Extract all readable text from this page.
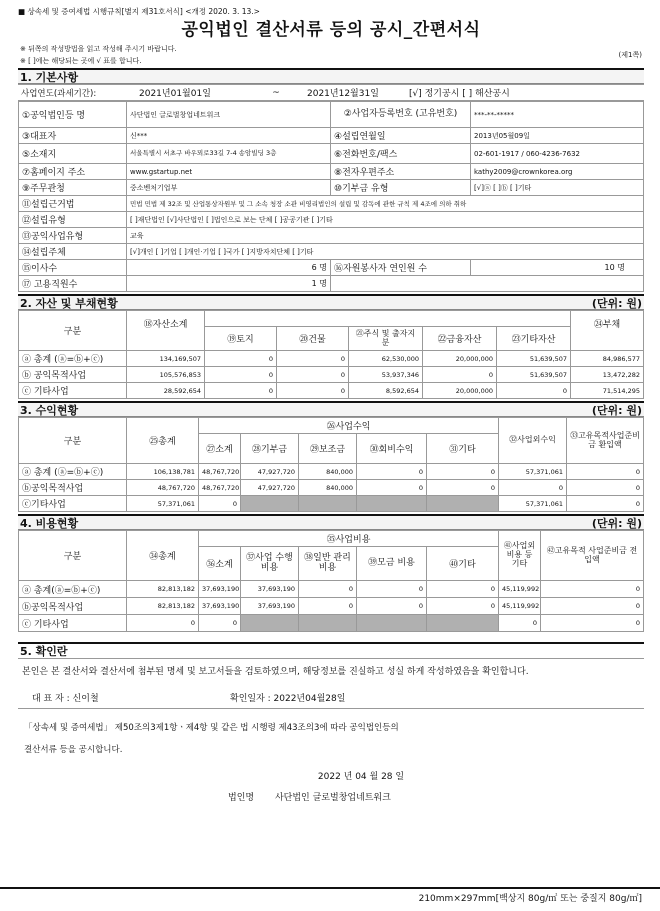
■ 상속세 및 증여세법 시행규칙[별지 제31호서식] <개정 2020. 3. 13.>
공익법인 결산서류 등의 공시_간편서식
※ 뒤쪽의 작성방법을 읽고 작성해 주시기 바랍니다.
※ [ ]에는 해당되는 곳에 √ 표를 합니다.
(제1쪽)
1. 기본사항
사업연도(과세기간):	2021년01월01일	~	2021년12월31일	[√] 정기공시 [ ] 해산공시
①공익법인등 명	사단법인 글로벌창업네트워크	②사업자등록번호 (고유번호)	***-**-*****
③대표자	신***	④설립연월일	2013년05월09일
⑤소재지	서울특별시 서초구 바우뫼로33길 7-4 송암빌딩 3층	⑥전화번호/팩스	02-601-1917 / 060-4236-7632
⑦홈페이지 주소	www.gstartup.net	⑧전자우편주소	kathy2009@crownkorea.org
⑨주무관청	중소벤처기업부	⑩기부금 유형	[√]ⓐ [ ]ⓑ [ ]기타
⑪설립근거법	민법 민법 제 32조 및 산업통상자원부 및 그 소속 청장 소관 비영리법인의 설립 및 감독에 관한 규칙 제 4조에 의하 취하		
⑫설립유형	[ ]재단법인 [√]사단법인 [ ]법인으로 보는 단체 [ ]공공기관 [ ]기타		
⑬공익사업유형	교육		
⑭설립주체	[√]개인 [ ]기업 [ ]개인·기업 [ ]국가 [ ]지방자치단체 [ ]기타		
⑮이사수	6 명	⑯자원봉사자 연인원 수	10 명
⑰ 고용직원수	1 명		
2. 자산 및 부채현황	(단위: 원)
구분	⑱자산소계						㉔부채
		⑲토지	⑳건물	㉑주식 및 출자지분	㉒금융자산	㉓기타자산	
ⓐ 총계 (ⓐ=ⓑ+ⓒ)	134,169,507	0	0	62,530,000	20,000,000	51,639,507	84,986,577
ⓑ 공익목적사업	105,576,853	0	0	53,937,346	0	51,639,507	13,472,282
ⓒ 기타사업	28,592,654	0	0	8,592,654	20,000,000	0	71,514,295
3. 수익현황	(단위: 원)
구분	㉕총계	㉖사업수익					㉜사업외수익	㉝고유목적사업준비금 환입액
		㉗소계	㉘기부금	㉙보조금	㉚회비수익	㉛기타		
ⓐ 총계 (ⓐ=ⓑ+ⓒ)	106,138,781	48,767,720	47,927,720	840,000	0	0	57,371,061	0
ⓑ공익목적사업	48,767,720	48,767,720	47,927,720	840,000	0	0	0	0
ⓒ기타사업	57,371,061	0					57,371,061	0
4. 비용현황	(단위: 원)
구분	㉞총계	㉟사업비용					㊶사업외 비용 등 기타	㊷고유목적 사업준비금 전입액
		㊱소계	㊲사업 수행비용	㊳일반 관리비용	㊴모금 비용	㊵기타		
ⓐ 총계(ⓐ=ⓑ+ⓒ)	82,813,182	37,693,190	37,693,190	0	0	0	45,119,992	0
ⓑ공익목적사업	82,813,182	37,693,190	37,693,190	0	0	0	45,119,992	0
ⓒ 기타사업	0	0					0	0
5. 확인란
본인은 본 결산서와 결산서에 첨부된 명세 및 보고서들을 검토하였으며, 해당정보를 진실하고 성실 하게 작성하였음을 확인합니다.
대 표 자 : 신이철	확인일자 : 2022년04월28일
「상속세 및 증여세법」 제50조의3제1항ㆍ제4항 및 같은 법 시행령 제43조의3에 따라 공익법인등의
결산서류 등을 공시합니다.
2022 년 04 월 28 일
법인명 사단법인 글로벌창업네트워크
210mm×297mm[백상지 80g/㎡ 또는 중질지 80g/㎡]
